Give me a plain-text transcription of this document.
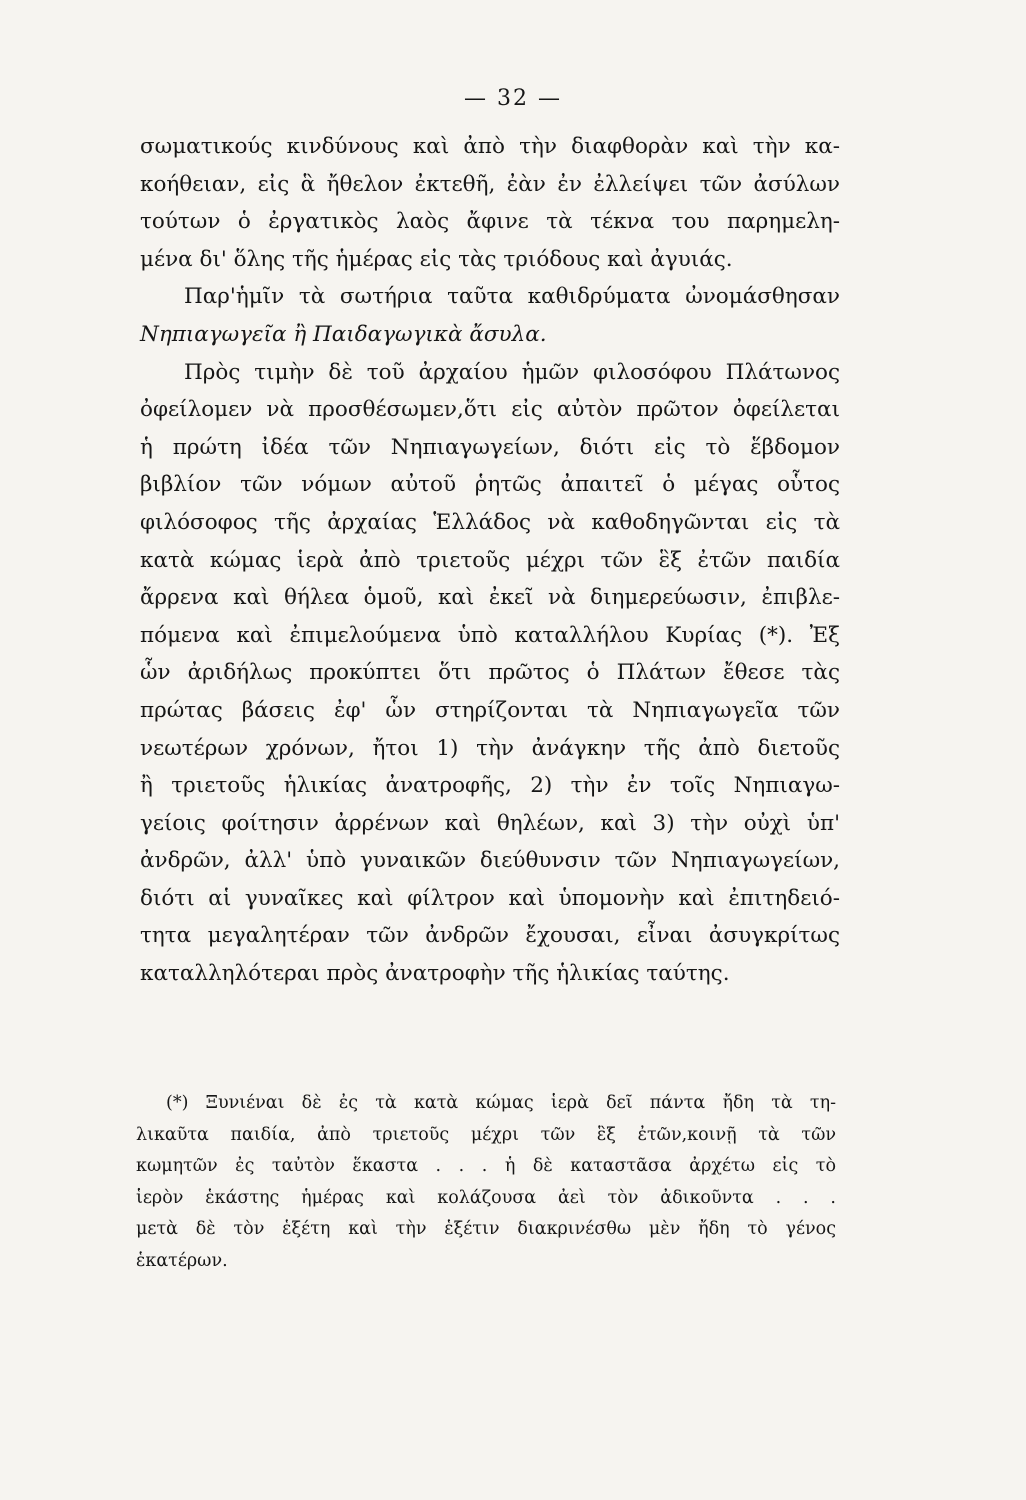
— 32 —
σωματικούς κινδύνους καὶ ἀπὸ τὴν διαφθορὰν καὶ τὴν κα-
κοήθειαν, εἰς ἃ ἤθελον ἐκτεθῆ, ἐὰν ἐν ἐλλείψει τῶν ἀσύλων
τούτων ὁ ἐργατικὸς λαὸς ἄφινε τὰ τέκνα του παρημελη-
μένα δι' ὅλης τῆς ἡμέρας εἰς τὰς τριόδους καὶ ἀγυιάς.
Παρ'ἡμῖν τὰ σωτήρια ταῦτα καθιδρύματα ὠνομάσθησαν
Νηπιαγωγεῖα ἢ Παιδαγωγικὰ ἄσυλα.
Πρὸς τιμὴν δὲ τοῦ ἀρχαίου ἡμῶν φιλοσόφου Πλάτωνος
ὀφείλομεν νὰ προσθέσωμεν,ὅτι εἰς αὐτὸν πρῶτον ὀφείλεται
ἡ πρώτη ἰδέα τῶν Νηπιαγωγείων, διότι εἰς τὸ ἕβδομον
βιβλίον τῶν νόμων αὐτοῦ ῥητῶς ἀπαιτεῖ ὁ μέγας οὗτος
φιλόσοφος τῆς ἀρχαίας Ἑλλάδος νὰ καθοδηγῶνται εἰς τὰ
κατὰ κώμας ἱερὰ ἀπὸ τριετοῦς μέχρι τῶν ἓξ ἐτῶν παιδία
ἄρρενα καὶ θήλεα ὁμοῦ, καὶ ἐκεῖ νὰ διημερεύωσιν, ἐπιβλε-
πόμενα καὶ ἐπιμελούμενα ὑπὸ καταλλήλου Κυρίας (*). Ἐξ
ὧν ἀριδήλως προκύπτει ὅτι πρῶτος ὁ Πλάτων ἔθεσε τὰς
πρώτας βάσεις ἐφ' ὧν στηρίζονται τὰ Νηπιαγωγεῖα τῶν
νεωτέρων χρόνων, ἤτοι 1) τὴν ἀνάγκην τῆς ἀπὸ διετοῦς
ἢ τριετοῦς ἡλικίας ἀνατροφῆς, 2) τὴν ἐν τοῖς Νηπιαγω-
γείοις φοίτησιν ἀρρένων καὶ θηλέων, καὶ 3) τὴν οὐχὶ ὑπ'
ἀνδρῶν, ἀλλ' ὑπὸ γυναικῶν διεύθυνσιν τῶν Νηπιαγωγείων,
διότι αἱ γυναῖκες καὶ φίλτρον καὶ ὑπομονὴν καὶ ἐπιτηδειό-
τητα μεγαλητέραν τῶν ἀνδρῶν ἔχουσαι, εἶναι ἀσυγκρίτως
καταλληλότεραι πρὸς ἀνατροφὴν τῆς ἡλικίας ταύτης.
(*) Ξυνιέναι δὲ ἐς τὰ κατὰ κώμας ἱερὰ δεῖ πάντα ἤδη τὰ τη-
λικαῦτα παιδία, ἀπὸ τριετοῦς μέχρι τῶν ἓξ ἐτῶν,κοινῇ τὰ τῶν
κωμητῶν ἐς ταὐτὸν ἕκαστα . . . ἡ δὲ καταστᾶσα ἀρχέτω εἰς τὸ
ἱερὸν ἑκάστης ἡμέρας καὶ κολάζουσα ἀεὶ τὸν ἀδικοῦντα . . .
μετὰ δὲ τὸν ἑξέτη καὶ τὴν ἑξέτιν διακρινέσθω μὲν ἤδη τὸ γένος
ἑκατέρων.
